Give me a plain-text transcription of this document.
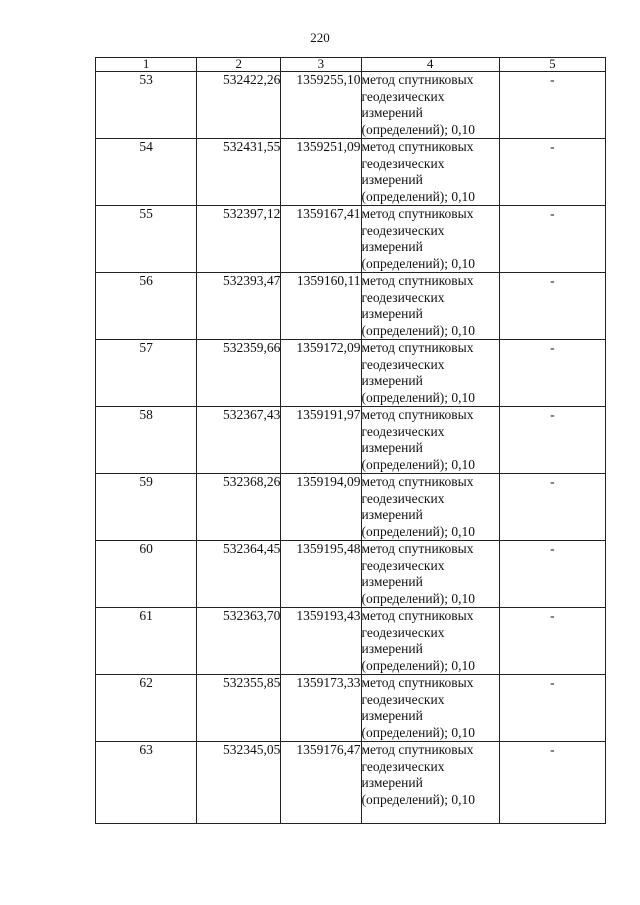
220
1	2	3	4	5
53	532422,26	1359255,10	метод спутниковых
геодезических
измерений
(определений); 0,10	-
54	532431,55	1359251,09	метод спутниковых
геодезических
измерений
(определений); 0,10	-
55	532397,12	1359167,41	метод спутниковых
геодезических
измерений
(определений); 0,10	-
56	532393,47	1359160,11	метод спутниковых
геодезических
измерений
(определений); 0,10	-
57	532359,66	1359172,09	метод спутниковых
геодезических
измерений
(определений); 0,10	-
58	532367,43	1359191,97	метод спутниковых
геодезических
измерений
(определений); 0,10	-
59	532368,26	1359194,09	метод спутниковых
геодезических
измерений
(определений); 0,10	-
60	532364,45	1359195,48	метод спутниковых
геодезических
измерений
(определений); 0,10	-
61	532363,70	1359193,43	метод спутниковых
геодезических
измерений
(определений); 0,10	-
62	532355,85	1359173,33	метод спутниковых
геодезических
измерений
(определений); 0,10	-
63	532345,05	1359176,47	метод спутниковых
геодезических
измерений
(определений); 0,10	-
